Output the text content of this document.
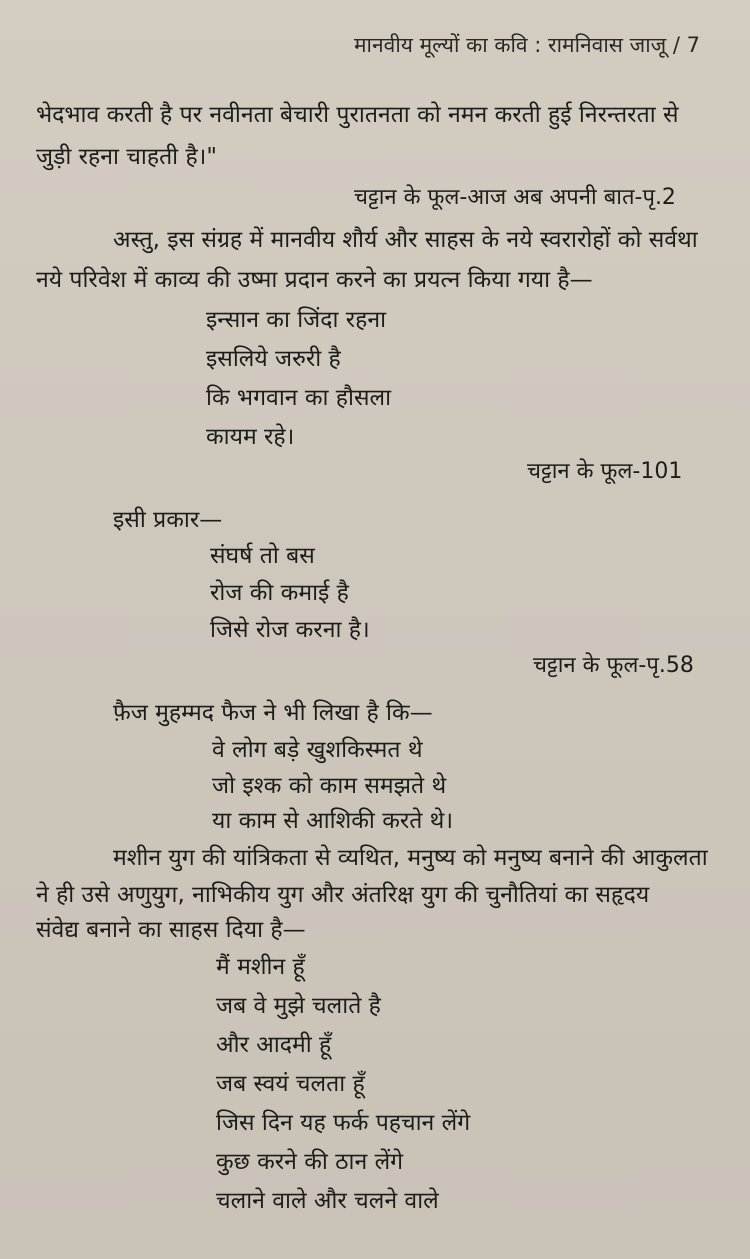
मानवीय मूल्यों का कवि : रामनिवास जाजू / 7
भेदभाव करती है पर नवीनता बेचारी पुरातनता को नमन करती हुई निरन्तरता से
जुड़ी रहना चाहती है।"
चट्टान के फूल-आज अब अपनी बात-पृ.2
अस्तु, इस संग्रह में मानवीय शौर्य और साहस के नये स्वरारोहों को सर्वथा
नये परिवेश में काव्य की उष्मा प्रदान करने का प्रयत्न किया गया है—
इन्सान का जिंदा रहना
इसलिये जरुरी है
कि भगवान का हौसला
कायम रहे।
चट्टान के फूल-101
इसी प्रकार—
संघर्ष तो बस
रोज की कमाई है
जिसे रोज करना है।
चट्टान के फूल-पृ.58
फ़ैज मुहम्मद फैज ने भी लिखा है कि—
वे लोग बड़े खुशकिस्मत थे
जो इश्क को काम समझते थे
या काम से आशिकी करते थे।
मशीन युग की यांत्रिकता से व्यथित, मनुष्य को मनुष्य बनाने की आकुलता
ने ही उसे अणुयुग, नाभिकीय युग और अंतरिक्ष युग की चुनौतियां का सहृदय
संवेद्य बनाने का साहस दिया है—
मैं मशीन हूँ
जब वे मुझे चलाते है
और आदमी हूँ
जब स्वयं चलता हूँ
जिस दिन यह फर्क पहचान लेंगे
कुछ करने की ठान लेंगे
चलाने वाले और चलने वाले
